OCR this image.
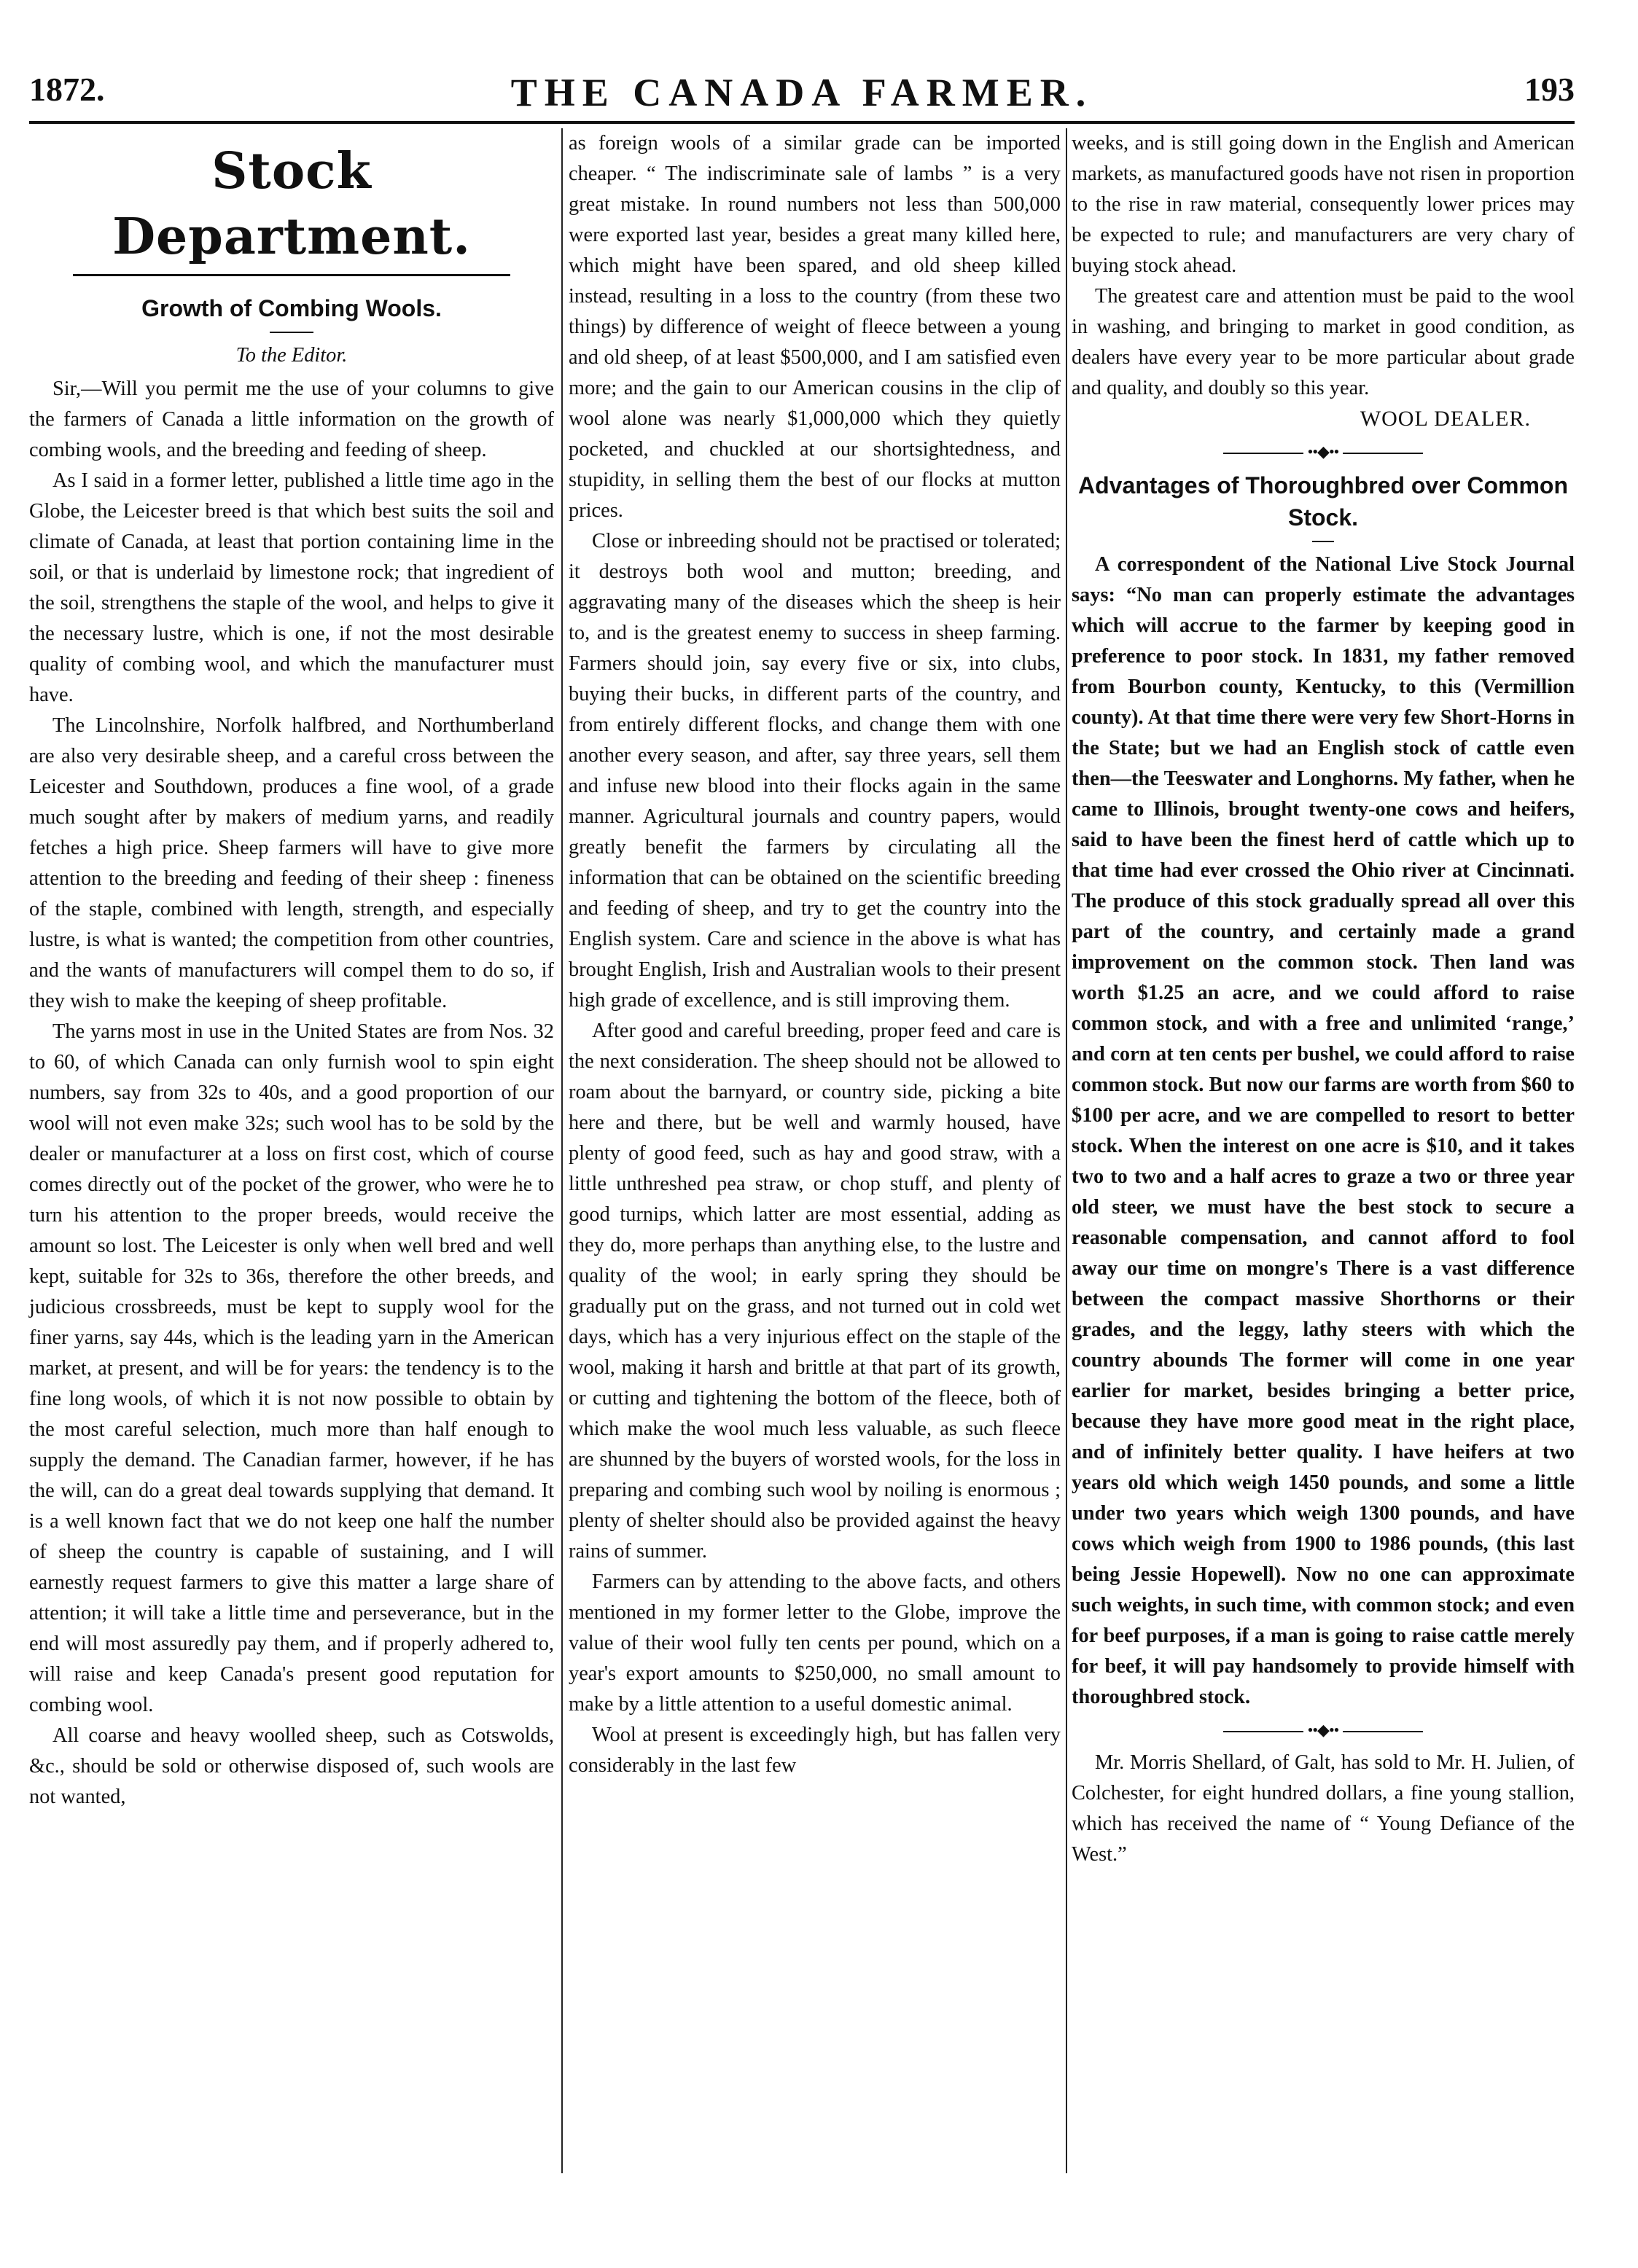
1872.	THE CANADA FARMER.	193
Stock Department.
Growth of Combing Wools.
To the Editor.

Sir,—Will you permit me the use of your columns to give the farmers of Canada a little information on the growth of combing wools, and the breeding and feeding of sheep.

As I said in a former letter, published a little time ago in the Globe, the Leicester breed is that which best suits the soil and climate of Canada, at least that portion containing lime in the soil, or that is underlaid by limestone rock; that ingredient of the soil, strengthens the staple of the wool, and helps to give it the necessary lustre, which is one, if not the most desirable quality of combing wool, and which the manufacturer must have.

The Lincolnshire, Norfolk halfbred, and Northumberland are also very desirable sheep, and a careful cross between the Leicester and Southdown, produces a fine wool, of a grade much sought after by makers of medium yarns, and readily fetches a high price. Sheep farmers will have to give more attention to the breeding and feeding of their sheep : fineness of the staple, combined with length, strength, and especially lustre, is what is wanted; the competition from other countries, and the wants of manufacturers will compel them to do so, if they wish to make the keeping of sheep profitable.

The yarns most in use in the United States are from Nos. 32 to 60, of which Canada can only furnish wool to spin eight numbers, say from 32s to 40s, and a good proportion of our wool will not even make 32s; such wool has to be sold by the dealer or manufacturer at a loss on first cost, which of course comes directly out of the pocket of the grower, who were he to turn his attention to the proper breeds, would receive the amount so lost. The Leicester is only when well bred and well kept, suitable for 32s to 36s, therefore the other breeds, and judicious crossbreeds, must be kept to supply wool for the finer yarns, say 44s, which is the leading yarn in the American market, at present, and will be for years: the tendency is to the fine long wools, of which it is not now possible to obtain by the most careful selection, much more than half enough to supply the demand. The Canadian farmer, however, if he has the will, can do a great deal towards supplying that demand. It is a well known fact that we do not keep one half the number of sheep the country is capable of sustaining, and I will earnestly request farmers to give this matter a large share of attention; it will take a little time and perseverance, but in the end will most assuredly pay them, and if properly adhered to, will raise and keep Canada's present good reputation for combing wool.

All coarse and heavy woolled sheep, such as Cotswolds, &c., should be sold or otherwise disposed of, such wools are not wanted,

as foreign wools of a similar grade can be imported cheaper. “ The indiscriminate sale of lambs ” is a very great mistake. In round numbers not less than 500,000 were exported last year, besides a great many killed here, which might have been spared, and old sheep killed instead, resulting in a loss to the country (from these two things) by difference of weight of fleece between a young and old sheep, of at least $500,000, and I am satisfied even more; and the gain to our American cousins in the clip of wool alone was nearly $1,000,000 which they quietly pocketed, and chuckled at our shortsightedness, and stupidity, in selling them the best of our flocks at mutton prices.

Close or inbreeding should not be practised or tolerated; it destroys both wool and mutton; breeding, and aggravating many of the diseases which the sheep is heir to, and is the greatest enemy to success in sheep farming. Farmers should join, say every five or six, into clubs, buying their bucks, in different parts of the country, and from entirely different flocks, and change them with one another every season, and after, say three years, sell them and infuse new blood into their flocks again in the same manner. Agricultural journals and country papers, would greatly benefit the farmers by circulating all the information that can be obtained on the scientific breeding and feeding of sheep, and try to get the country into the English system. Care and science in the above is what has brought English, Irish and Australian wools to their present high grade of excellence, and is still improving them.

After good and careful breeding, proper feed and care is the next consideration. The sheep should not be allowed to roam about the barnyard, or country side, picking a bite here and there, but be well and warmly housed, have plenty of good feed, such as hay and good straw, with a little unthreshed pea straw, or chop stuff, and plenty of good turnips, which latter are most essential, adding as they do, more perhaps than anything else, to the lustre and quality of the wool; in early spring they should be gradually put on the grass, and not turned out in cold wet days, which has a very injurious effect on the staple of the wool, making it harsh and brittle at that part of its growth, or cutting and tightening the bottom of the fleece, both of which make the wool much less valuable, as such fleece are shunned by the buyers of worsted wools, for the loss in preparing and combing such wool by noiling is enormous ; plenty of shelter should also be provided against the heavy rains of summer.

Farmers can by attending to the above facts, and others mentioned in my former letter to the Globe, improve the value of their wool fully ten cents per pound, which on a year's export amounts to $250,000, no small amount to make by a little attention to a useful domestic animal.

Wool at present is exceedingly high, but has fallen very considerably in the last few

weeks, and is still going down in the English and American markets, as manufactured goods have not risen in proportion to the rise in raw material, consequently lower prices may be expected to rule; and manufacturers are very chary of buying stock ahead.

The greatest care and attention must be paid to the wool in washing, and bringing to market in good condition, as dealers have every year to be more particular about grade and quality, and doubly so this year.

WOOL DEALER.
••◆••
Advantages of Thoroughbred over Common Stock.

A correspondent of the National Live Stock Journal says: “No man can properly estimate the advantages which will accrue to the farmer by keeping good in preference to poor stock. In 1831, my father removed from Bourbon county, Kentucky, to this (Vermillion county). At that time there were very few Short-Horns in the State; but we had an English stock of cattle even then—the Teeswater and Longhorns. My father, when he came to Illinois, brought twenty-one cows and heifers, said to have been the finest herd of cattle which up to that time had ever crossed the Ohio river at Cincinnati. The produce of this stock gradually spread all over this part of the country, and certainly made a grand improvement on the common stock. Then land was worth $1.25 an acre, and we could afford to raise common stock, and with a free and unlimited ‘range,’ and corn at ten cents per bushel, we could afford to raise common stock. But now our farms are worth from $60 to $100 per acre, and we are compelled to resort to better stock. When the interest on one acre is $10, and it takes two to two and a half acres to graze a two or three year old steer, we must have the best stock to secure a reasonable compensation, and cannot afford to fool away our time on mongre's There is a vast difference between the compact massive Shorthorns or their grades, and the leggy, lathy steers with which the country abounds The former will come in one year earlier for market, besides bringing a better price, because they have more good meat in the right place, and of infinitely better quality. I have heifers at two years old which weigh 1450 pounds, and some a little under two years which weigh 1300 pounds, and have cows which weigh from 1900 to 1986 pounds, (this last being Jessie Hopewell). Now no one can approximate such weights, in such time, with common stock; and even for beef purposes, if a man is going to raise cattle merely for beef, it will pay handsomely to provide himself with thoroughbred stock.

••◆••

Mr. Morris Shellard, of Galt, has sold to Mr. H. Julien, of Colchester, for eight hundred dollars, a fine young stallion, which has received the name of “ Young Defiance of the West.”
